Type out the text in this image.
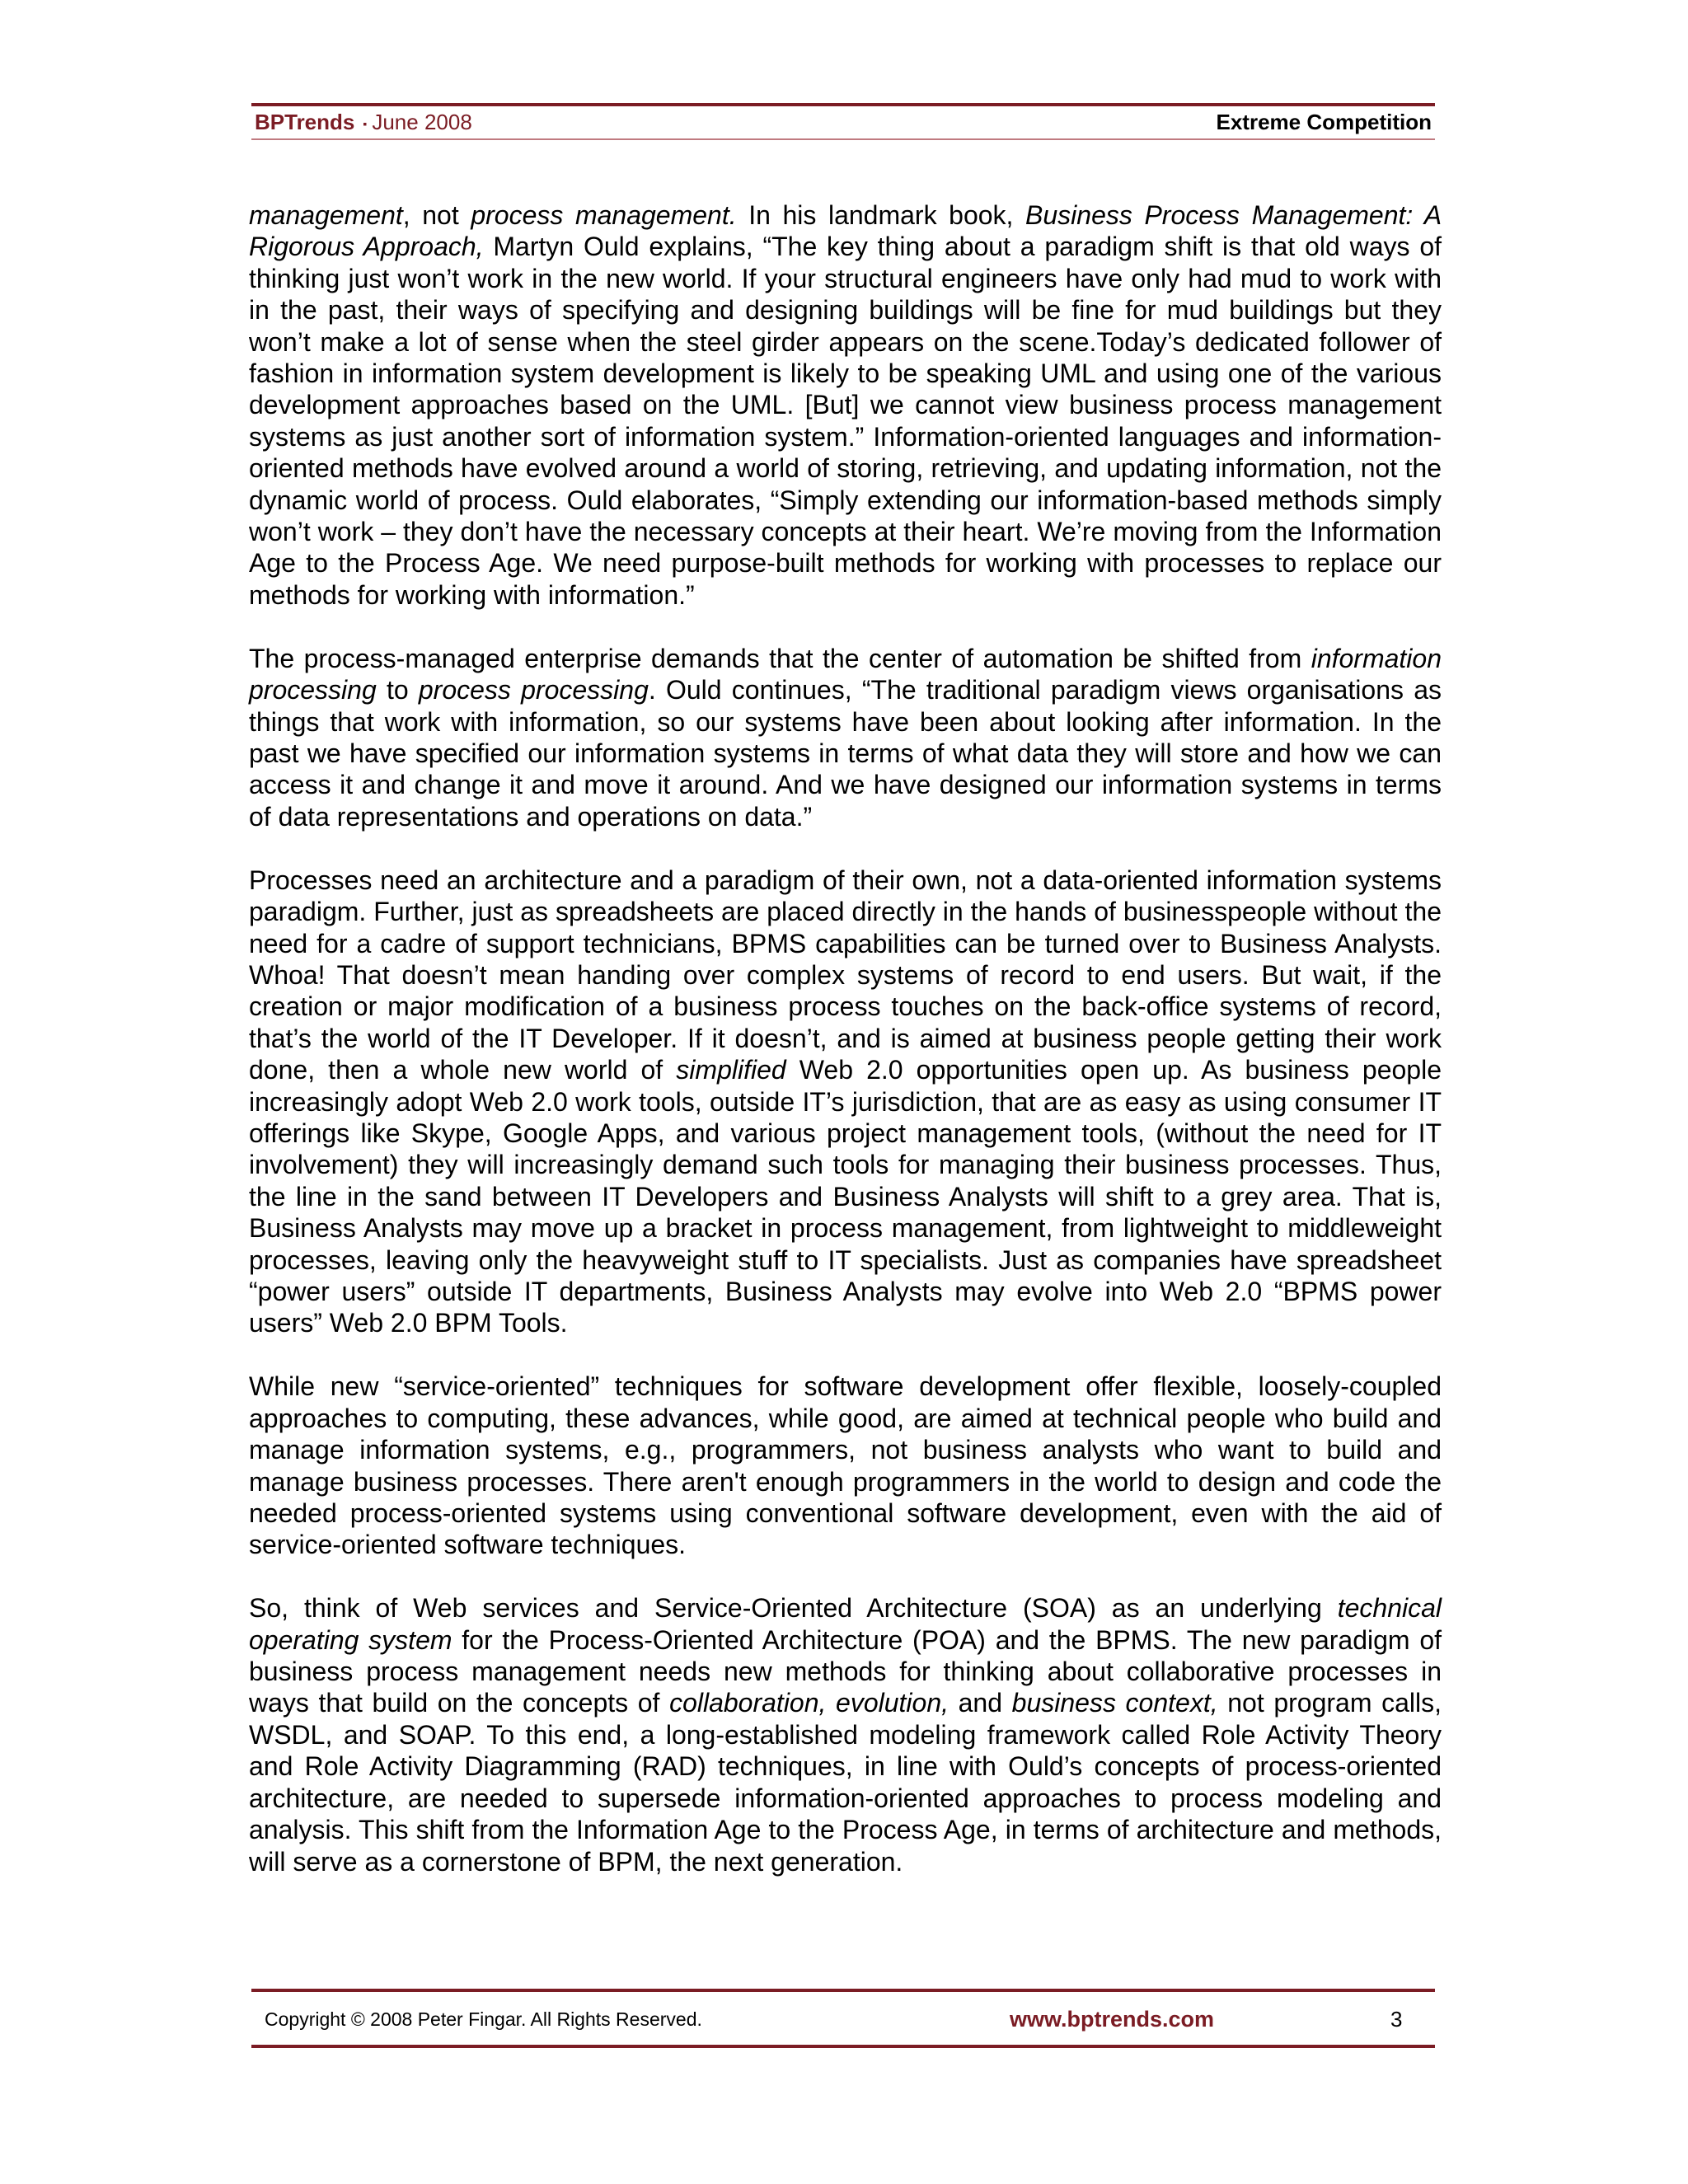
BPTrends ▪ June 2008	Extreme Competition

management, not process management. In his landmark book, Business Process Management: A Rigorous Approach, Martyn Ould explains, “The key thing about a paradigm shift is that old ways of thinking just won’t work in the new world. If your structural engineers have only had mud to work with in the past, their ways of specifying and designing buildings will be fine for mud buildings but they won’t make a lot of sense when the steel girder appears on the scene.Today’s dedicated follower of fashion in information system development is likely to be speaking UML and using one of the various development approaches based on the UML. [But] we cannot view business process management systems as just another sort of information system.” Information-oriented languages and information-oriented methods have evolved around a world of storing, retrieving, and updating information, not the dynamic world of process. Ould elaborates, “Simply extending our information-based methods simply won’t work – they don’t have the necessary concepts at their heart. We’re moving from the Information Age to the Process Age. We need purpose-built methods for working with processes to replace our methods for working with information.”

The process-managed enterprise demands that the center of automation be shifted from information processing to process processing. Ould continues, “The traditional paradigm views organisations as things that work with information, so our systems have been about looking after information. In the past we have specified our information systems in terms of what data they will store and how we can access it and change it and move it around. And we have designed our information systems in terms of data representations and operations on data.”

Processes need an architecture and a paradigm of their own, not a data-oriented information systems paradigm. Further, just as spreadsheets are placed directly in the hands of businesspeople without the need for a cadre of support technicians, BPMS capabilities can be turned over to Business Analysts. Whoa! That doesn’t mean handing over complex systems of record to end users. But wait, if the creation or major modification of a business process touches on the back-office systems of record, that’s the world of the IT Developer. If it doesn’t, and is aimed at business people getting their work done, then a whole new world of simplified Web 2.0 opportunities open up. As business people increasingly adopt Web 2.0 work tools, outside IT’s jurisdiction, that are as easy as using consumer IT offerings like Skype, Google Apps, and various project management tools, (without the need for IT involvement) they will increasingly demand such tools for managing their business processes. Thus, the line in the sand between IT Developers and Business Analysts will shift to a grey area. That is, Business Analysts may move up a bracket in process management, from lightweight to middleweight processes, leaving only the heavyweight stuff to IT specialists. Just as companies have spreadsheet “power users” outside IT departments, Business Analysts may evolve into Web 2.0 “BPMS power users” Web 2.0 BPM Tools.

While new “service-oriented” techniques for software development offer flexible, loosely-coupled approaches to computing, these advances, while good, are aimed at technical people who build and manage information systems, e.g., programmers, not business analysts who want to build and manage business processes. There aren't enough programmers in the world to design and code the needed process-oriented systems using conventional software development, even with the aid of service-oriented software techniques.

So, think of Web services and Service-Oriented Architecture (SOA) as an underlying technical operating system for the Process-Oriented Architecture (POA) and the BPMS. The new paradigm of business process management needs new methods for thinking about collaborative processes in ways that build on the concepts of collaboration, evolution, and business context, not program calls, WSDL, and SOAP. To this end, a long-established modeling framework called Role Activity Theory and Role Activity Diagramming (RAD) techniques, in line with Ould’s concepts of process-oriented architecture, are needed to supersede information-oriented approaches to process modeling and analysis. This shift from the Information Age to the Process Age, in terms of architecture and methods, will serve as a cornerstone of BPM, the next generation.

Copyright © 2008 Peter Fingar. All Rights Reserved.	www.bptrends.com	3
